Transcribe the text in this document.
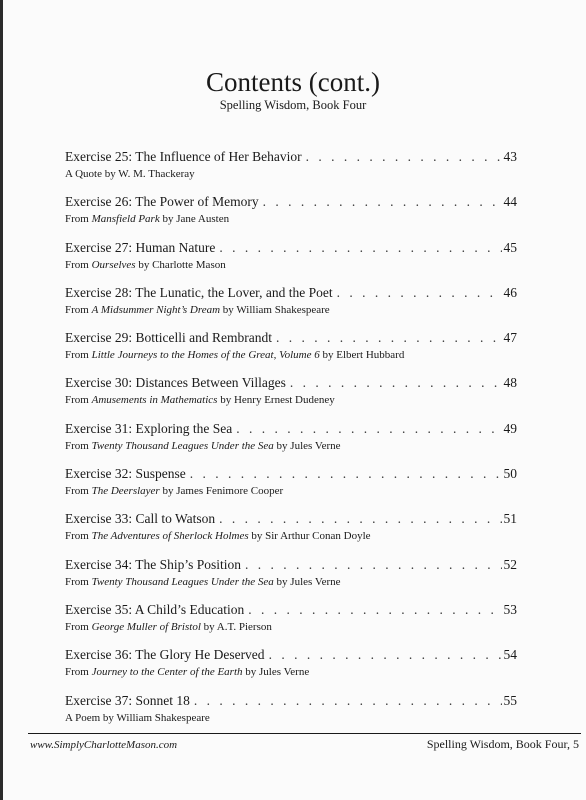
Contents (cont.)
Spelling Wisdom, Book Four
Exercise 25: The Influence of Her Behavior . . .	43
A Quote by W. M. Thackeray
Exercise 26: The Power of Memory . . .	44
From Mansfield Park by Jane Austen
Exercise 27: Human Nature . . .	45
From Ourselves by Charlotte Mason
Exercise 28: The Lunatic, the Lover, and the Poet . . .	46
From A Midsummer Night’s Dream by William Shakespeare
Exercise 29: Botticelli and Rembrandt . . .	47
From Little Journeys to the Homes of the Great, Volume 6 by Elbert Hubbard
Exercise 30: Distances Between Villages . . .	48
From Amusements in Mathematics by Henry Ernest Dudeney
Exercise 31: Exploring the Sea . . .	49
From Twenty Thousand Leagues Under the Sea by Jules Verne
Exercise 32: Suspense . . .	50
From The Deerslayer by James Fenimore Cooper
Exercise 33: Call to Watson . . .	51
From The Adventures of Sherlock Holmes by Sir Arthur Conan Doyle
Exercise 34: The Ship’s Position . . .	52
From Twenty Thousand Leagues Under the Sea by Jules Verne
Exercise 35: A Child’s Education . . .	53
From George Muller of Bristol by A.T. Pierson
Exercise 36: The Glory He Deserved . . .	54
From Journey to the Center of the Earth by Jules Verne
Exercise 37: Sonnet 18 . . .	55
A Poem by William Shakespeare
www.SimplyCharlotteMason.com	Spelling Wisdom, Book Four, 5
